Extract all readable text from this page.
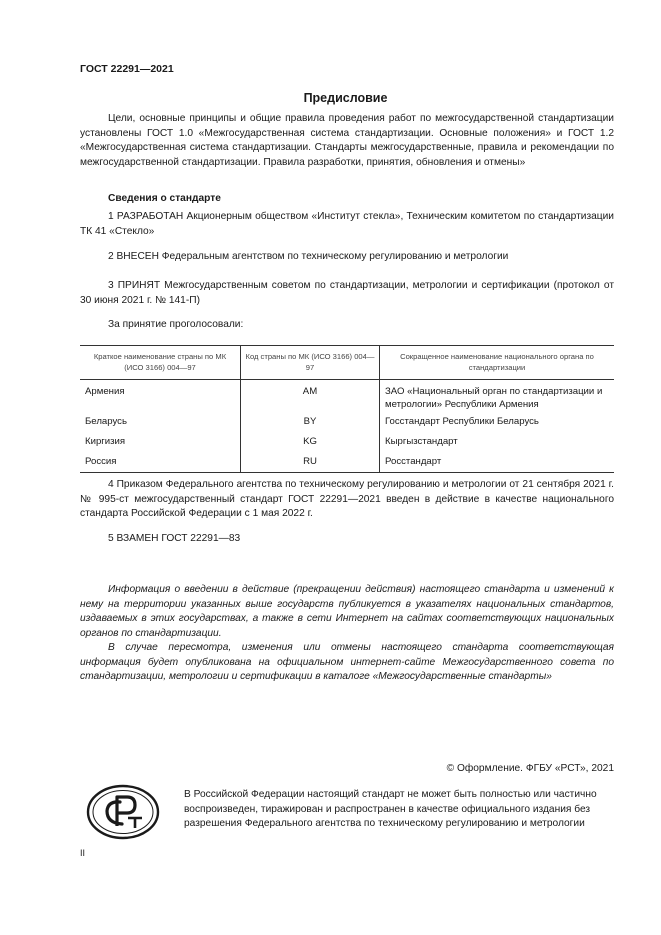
ГОСТ 22291—2021
Предисловие
Цели, основные принципы и общие правила проведения работ по межгосударственной стандартизации установлены ГОСТ 1.0 «Межгосударственная система стандартизации. Основные положения» и ГОСТ 1.2 «Межгосударственная система стандартизации. Стандарты межгосударственные, правила и рекомендации по межгосударственной стандартизации. Правила разработки, принятия, обновления и отмены»
Сведения о стандарте
1 РАЗРАБОТАН Акционерным обществом «Институт стекла», Техническим комитетом по стандартизации ТК 41 «Стекло»
2 ВНЕСЕН Федеральным агентством по техническому регулированию и метрологии
3 ПРИНЯТ Межгосударственным советом по стандартизации, метрологии и сертификации (протокол от 30 июня 2021 г. № 141-П)
За принятие проголосовали:
Краткое наименование страны по МК (ИСО 3166) 004—97	Код страны по МК (ИСО 3166) 004—97	Сокращенное наименование национального органа по стандартизации
Армения	AM	ЗАО «Национальный орган по стандартизации и метрологии» Республики Армения
Беларусь	BY	Госстандарт Республики Беларусь
Киргизия	KG	Кыргызстандарт
Россия	RU	Росстандарт
4 Приказом Федерального агентства по техническому регулированию и метрологии от 21 сентября 2021 г. № 995-ст межгосударственный стандарт ГОСТ 22291—2021 введен в действие в качестве национального стандарта Российской Федерации с 1 мая 2022 г.
5 ВЗАМЕН ГОСТ 22291—83
Информация о введении в действие (прекращении действия) настоящего стандарта и изменений к нему на территории указанных выше государств публикуется в указателях национальных стандартов, издаваемых в этих государствах, а также в сети Интернет на сайтах соответствующих национальных органов по стандартизации.
В случае пересмотра, изменения или отмены настоящего стандарта соответствующая информация будет опубликована на официальном интернет-сайте Межгосударственного совета по стандартизации, метрологии и сертификации в каталоге «Межгосударственные стандарты»
© Оформление. ФГБУ «РСТ», 2021
В Российской Федерации настоящий стандарт не может быть полностью или частично воспроизведен, тиражирован и распространен в качестве официального издания без разрешения Федерального агентства по техническому регулированию и метрологии
II
